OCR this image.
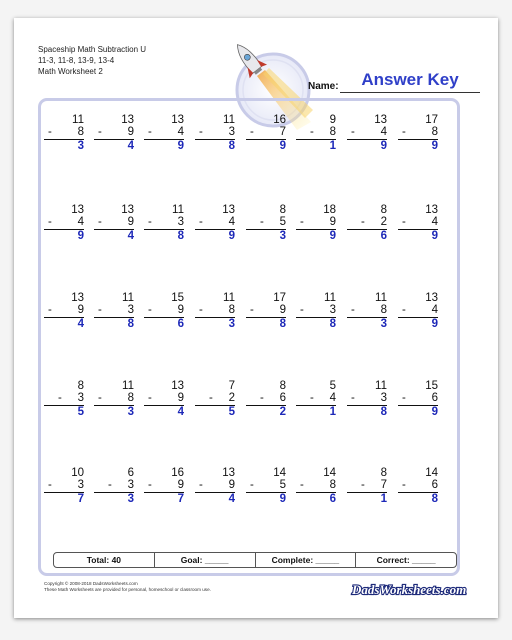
Spaceship Math Subtraction U
11-3, 11-8, 13-9, 13-4
Math Worksheet 2
Name:	Answer Key
11
- 8
3
13
- 9
4
13
- 4
9
11
- 3
8
16
- 7
9
9
- 8
1
13
- 4
9
17
- 8
9
13
- 4
9
13
- 9
4
11
- 3
8
13
- 4
9
8
- 5
3
18
- 9
9
8
- 2
6
13
- 4
9
13
- 9
4
11
- 3
8
15
- 9
6
11
- 8
3
17
- 9
8
11
- 3
8
11
- 8
3
13
- 4
9
8
- 3
5
11
- 8
3
13
- 9
4
7
- 2
5
8
- 6
2
5
- 4
1
11
- 3
8
15
- 6
9
10
- 3
7
6
- 3
3
16
- 9
7
13
- 9
4
14
- 5
9
14
- 8
6
8
- 7
1
14
- 6
8
Total: 40	Goal: _____	Complete: _____	Correct: _____
Copyright © 2008-2018 DadsWorksheets.com
These Math Worksheets are provided for personal, homeschool or classroom use.	DadsWorksheets.com
